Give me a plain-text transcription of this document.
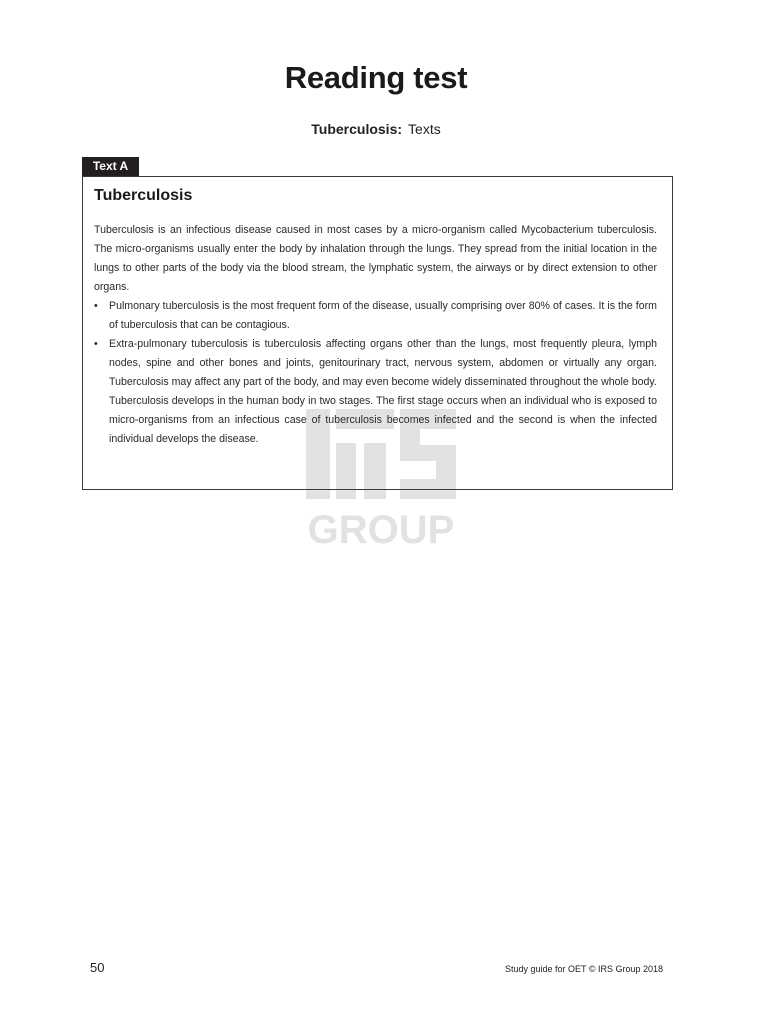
Reading test
Tuberculosis: Texts
Text A
GROUP
Tuberculosis

Tuberculosis is an infectious disease caused in most cases by a micro-organism called Mycobacterium tuberculosis. The micro-organisms usually enter the body by inhalation through the lungs. They spread from the initial location in the lungs to other parts of the body via the blood stream, the lymphatic system, the airways or by direct extension to other organs.

• Pulmonary tuberculosis is the most frequent form of the disease, usually comprising over 80% of cases. It is the form of tuberculosis that can be contagious.

• Extra-pulmonary tuberculosis is tuberculosis affecting organs other than the lungs, most frequently pleura, lymph nodes, spine and other bones and joints, genitourinary tract, nervous system, abdomen or virtually any organ. Tuberculosis may affect any part of the body, and may even become widely disseminated throughout the whole body.

Tuberculosis develops in the human body in two stages. The first stage occurs when an individual who is exposed to micro-organisms from an infectious case of tuberculosis becomes infected and the second is when the infected individual develops the disease.

50	Study guide for OET © IRS Group 2018
